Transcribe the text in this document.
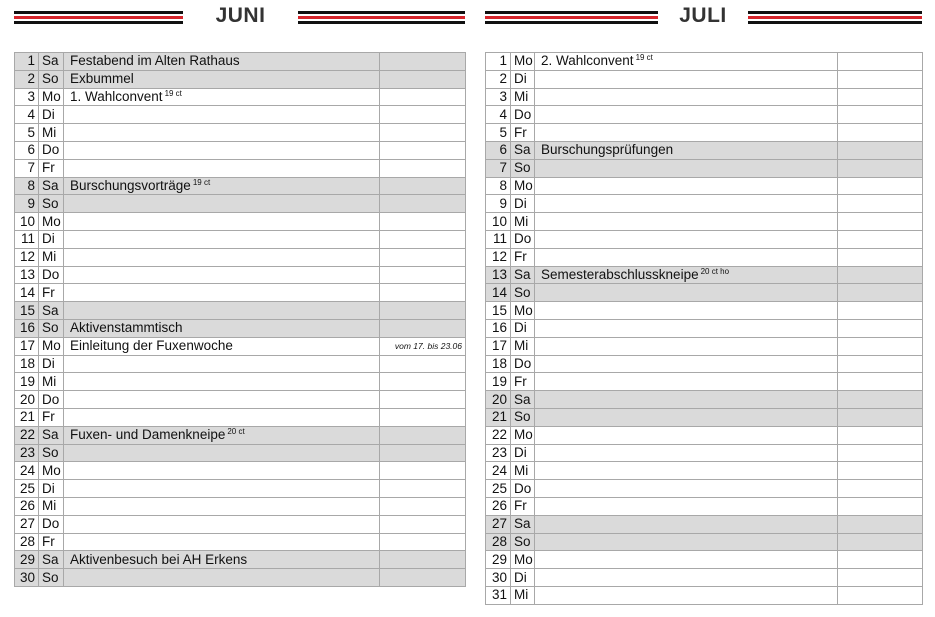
JUNI	JULI
1	Sa	Festabend im Alten Rathaus	
2	So	Exbummel	
3	Mo	1. Wahlconvent $^{19 ct}$	
4	Di		
5	Mi		
6	Do		
7	Fr		
8	Sa	Burschungsvorträge $^{19 ct}$	
9	So		
10	Mo		
11	Di		
12	Mi		
13	Do		
14	Fr		
15	Sa		
16	So	Aktivenstammtisch	
17	Mo	Einleitung der Fuxenwoche	vom 17. bis 23.06
18	Di		
19	Mi		
20	Do		
21	Fr		
22	Sa	Fuxen- und Damenkneipe $^{20 ct}$	
23	So		
24	Mo		
25	Di		
26	Mi		
27	Do		
28	Fr		
29	Sa	Aktivenbesuch bei AH Erkens	
30	So		
1	Mo	2. Wahlconvent $^{19 ct}$	
2	Di		
3	Mi		
4	Do		
5	Fr		
6	Sa	Burschungsprüfungen	
7	So		
8	Mo		
9	Di		
10	Mi		
11	Do		
12	Fr		
13	Sa	Semesterabschlusskneipe $^{20 ct ho}$	
14	So		
15	Mo		
16	Di		
17	Mi		
18	Do		
19	Fr		
20	Sa		
21	So		
22	Mo		
23	Di		
24	Mi		
25	Do		
26	Fr		
27	Sa		
28	So		
29	Mo		
30	Di		
31	Mi		
